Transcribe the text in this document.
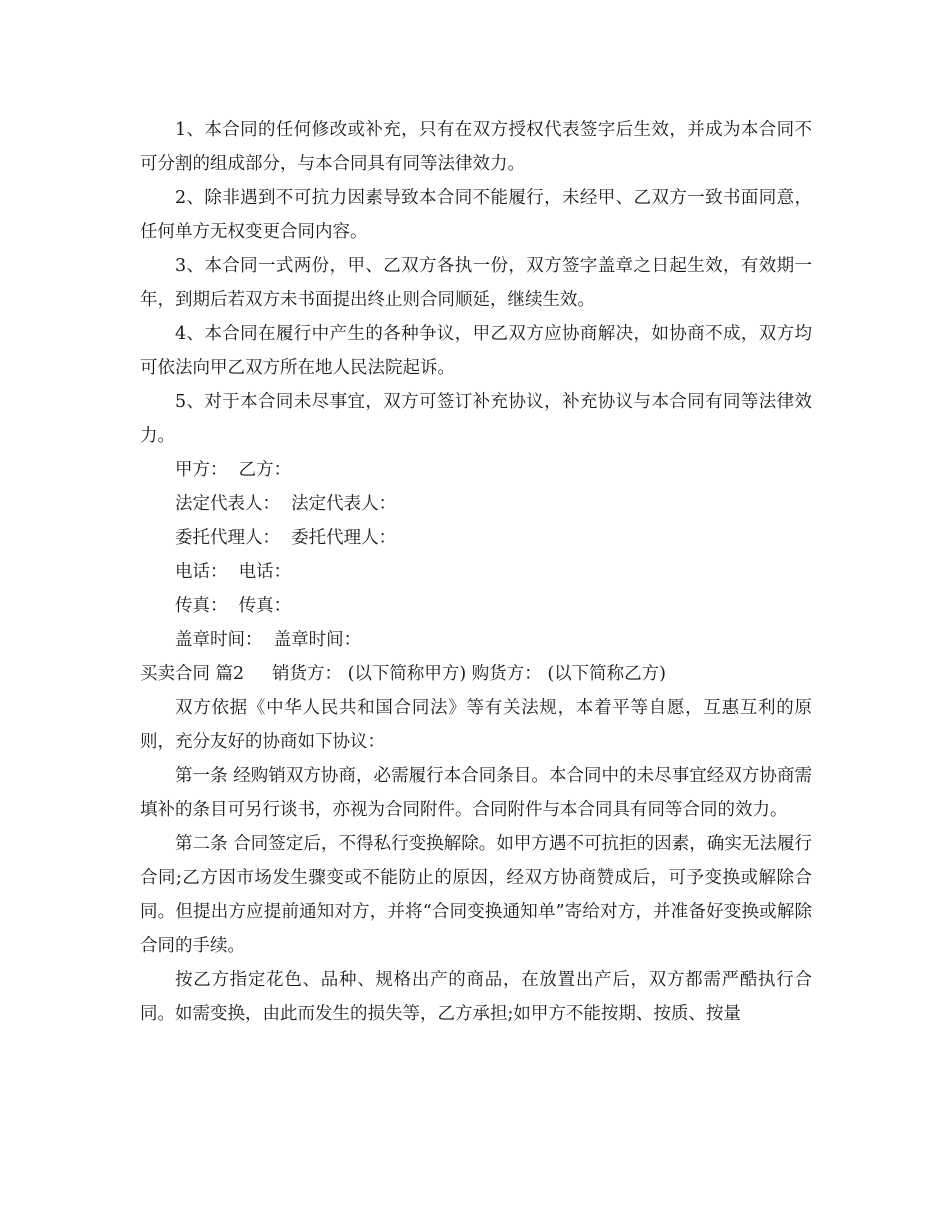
1、本合同的任何修改或补充，只有在双方授权代表签字后生效，并成为本合同不可分割的组成部分，与本合同具有同等法律效力。

2、除非遇到不可抗力因素导致本合同不能履行，未经甲、乙双方一致书面同意，任何单方无权变更合同内容。

3、本合同一式两份，甲、乙双方各执一份，双方签字盖章之日起生效，有效期一 年，到期后若双方未书面提出终止则合同顺延，继续生效。

4、本合同在履行中产生的各种争议，甲乙双方应协商解决，如协商不成，双方均可依法向甲乙双方所在地人民法院起诉。

5、对于本合同未尽事宜，双方可签订补充协议，补充协议与本合同有同等法律效力。

甲方：  乙方：

法定代表人：  法定代表人：

委托代理人：  委托代理人：

电话：  电话：

传真：  传真：

盖章时间：  盖章时间：

买卖合同 篇2     销货方： (以下简称甲方) 购货方： (以下简称乙方)

双方依据《中华人民共和国合同法》等有关法规，本着平等自愿，互惠互利的原则，充分友好的协商如下协议：

第一条 经购销双方协商，必需履行本合同条目。本合同中的未尽事宜经双方协商需填补的条目可另行谈书，亦视为合同附件。合同附件与本合同具有同等合同的效力。

第二条 合同签定后，不得私行变换解除。如甲方遇不可抗拒的因素，确实无法履行合同;乙方因市场发生骤变或不能防止的原因，经双方协商赞成后，可予变换或解除合同。但提出方应提前通知对方，并将“合同变换通知单”寄给对方，并准备好变换或解除合同的手续。

按乙方指定花色、品种、规格出产的商品，在放置出产后，双方都需严酷执行合同。如需变换，由此而发生的损失等，乙方承担;如甲方不能按期、按质、按量
